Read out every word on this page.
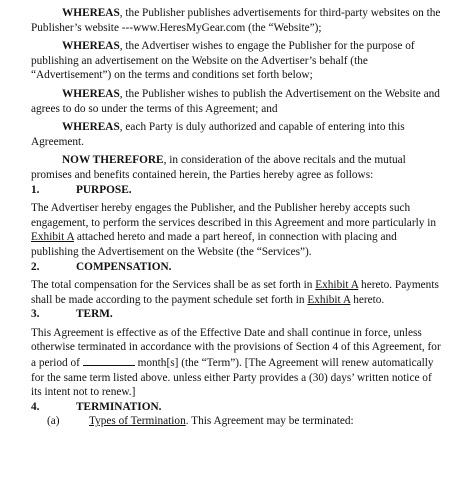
WHEREAS, the Publisher publishes advertisements for third-party websites on the Publisher’s website ---www.HeresMyGear.com (the “Website”);

WHEREAS, the Advertiser wishes to engage the Publisher for the purpose of publishing an advertisement on the Website on the Advertiser’s behalf (the “Advertisement”) on the terms and conditions set forth below;

WHEREAS, the Publisher wishes to publish the Advertisement on the Website and agrees to do so under the terms of this Agreement; and

WHEREAS, each Party is duly authorized and capable of entering into this Agreement.

NOW THEREFORE, in consideration of the above recitals and the mutual promises and benefits contained herein, the Parties hereby agree as follows:

1.	PURPOSE.

The Advertiser hereby engages the Publisher, and the Publisher hereby accepts such engagement, to perform the services described in this Agreement and more particularly in Exhibit A attached hereto and made a part hereof, in connection with placing and publishing the Advertisement on the Website (the “Services”).

2.	COMPENSATION.

The total compensation for the Services shall be as set forth in Exhibit A hereto. Payments shall be made according to the payment schedule set forth in Exhibit A hereto.

3.	TERM.

This Agreement is effective as of the Effective Date and shall continue in force, unless otherwise terminated in accordance with the provisions of Section 4 of this Agreement, for a period of	month[s] (the “Term”). [The Agreement will renew automatically for the same term listed above. unless either Party provides a (30) days’ written notice of its intent not to renew.]

4.	TERMINATION.

(a)	Types of Termination. This Agreement may be terminated:
